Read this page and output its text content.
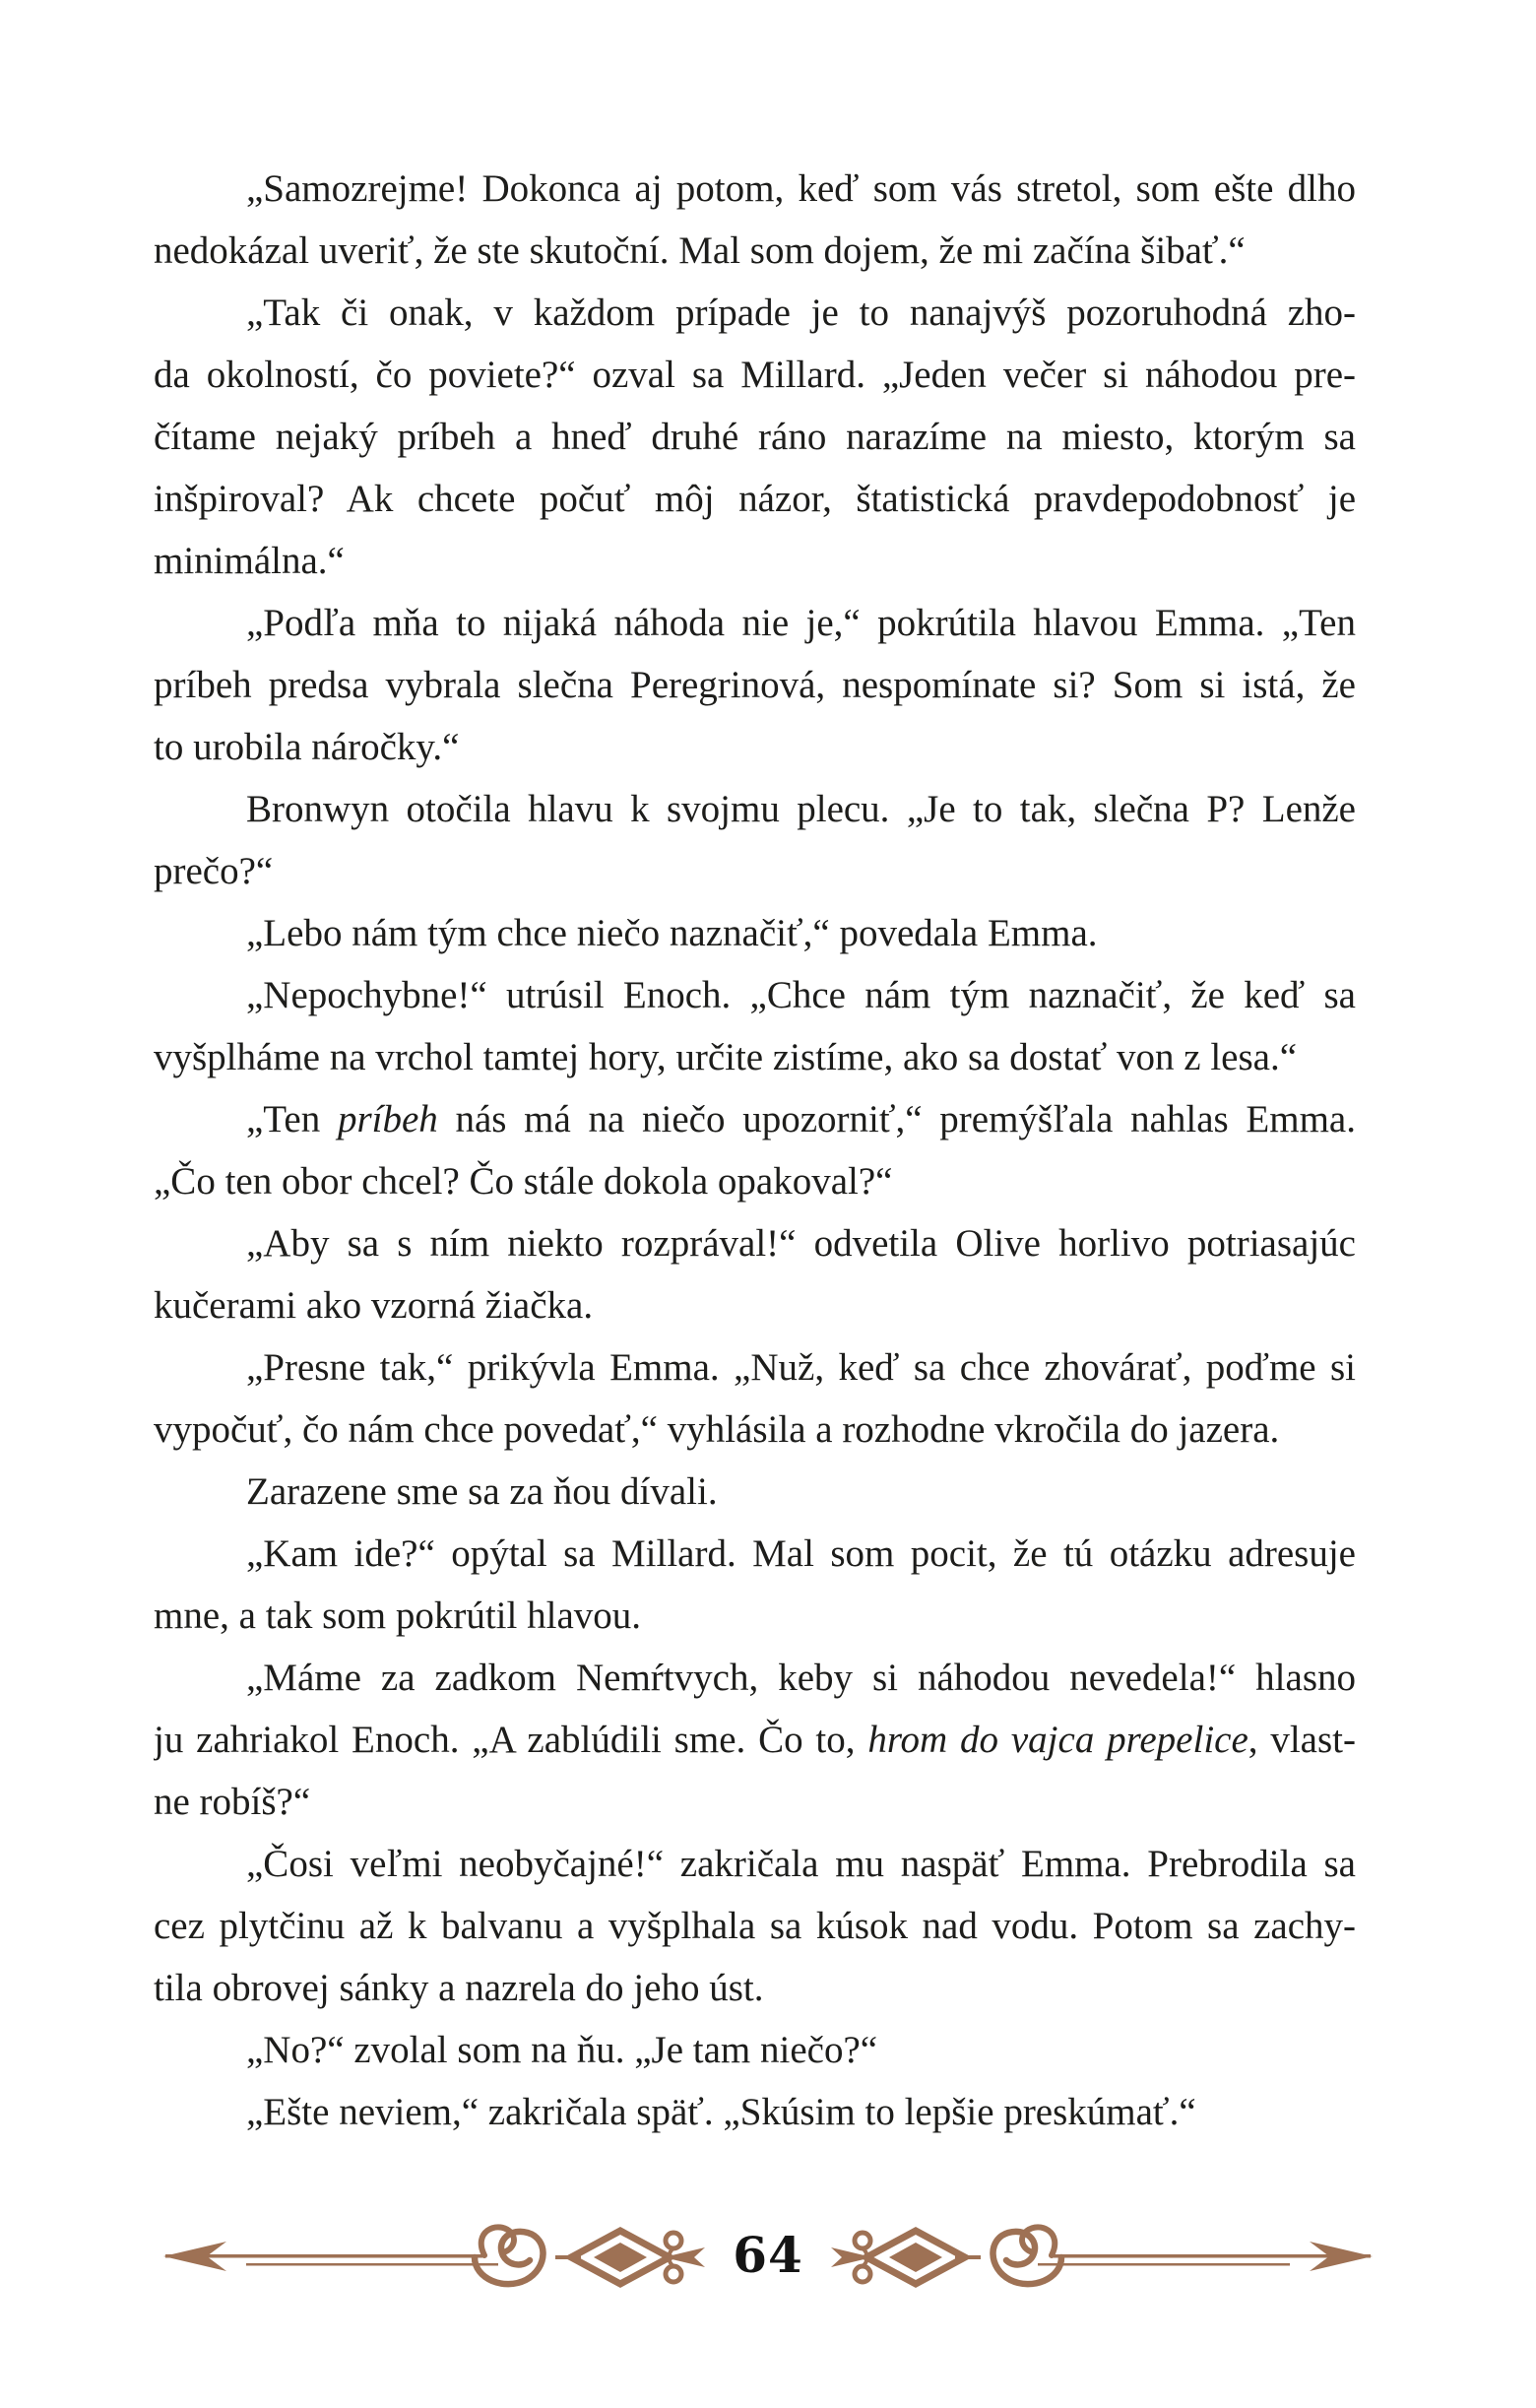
„Samozrejme! Dokonca aj potom, keď som vás stretol, som ešte dlho
nedokázal uveriť, že ste skutoční. Mal som dojem, že mi začína šibať.“
„Tak či onak, v každom prípade je to nanajvýš pozoruhodná zho-
da okolností, čo poviete?“ ozval sa Millard. „Jeden večer si náhodou pre-
čítame nejaký príbeh a hneď druhé ráno narazíme na miesto, ktorým sa
inšpiroval? Ak chcete počuť môj názor, štatistická pravdepodobnosť je
minimálna.“
„Podľa mňa to nijaká náhoda nie je,“ pokrútila hlavou Emma. „Ten
príbeh predsa vybrala slečna Peregrinová, nespomínate si? Som si istá, že
to urobila náročky.“
Bronwyn otočila hlavu k svojmu plecu. „Je to tak, slečna P? Lenže
prečo?“
„Lebo nám tým chce niečo naznačiť,“ povedala Emma.
„Nepochybne!“ utrúsil Enoch. „Chce nám tým naznačiť, že keď sa
vyšplháme na vrchol tamtej hory, určite zistíme, ako sa dostať von z lesa.“
„Ten príbeh nás má na niečo upozorniť,“ premýšľala nahlas Emma.
„Čo ten obor chcel? Čo stále dokola opakoval?“
„Aby sa s ním niekto rozprával!“ odvetila Olive horlivo potriasajúc
kučerami ako vzorná žiačka.
„Presne tak,“ prikývla Emma. „Nuž, keď sa chce zhovárať, poďme si
vypočuť, čo nám chce povedať,“ vyhlásila a rozhodne vkročila do jazera.
Zarazene sme sa za ňou dívali.
„Kam ide?“ opýtal sa Millard. Mal som pocit, že tú otázku adresuje
mne, a tak som pokrútil hlavou.
„Máme za zadkom Nemŕtvych, keby si náhodou nevedela!“ hlasno
ju zahriakol Enoch. „A zablúdili sme. Čo to, hrom do vajca prepelice, vlast-
ne robíš?“
„Čosi veľmi neobyčajné!“ zakričala mu naspäť Emma. Prebrodila sa
cez plytčinu až k balvanu a vyšplhala sa kúsok nad vodu. Potom sa zachy-
tila obrovej sánky a nazrela do jeho úst.
„No?“ zvolal som na ňu. „Je tam niečo?“
„Ešte neviem,“ zakričala späť. „Skúsim to lepšie preskúmať.“
64
